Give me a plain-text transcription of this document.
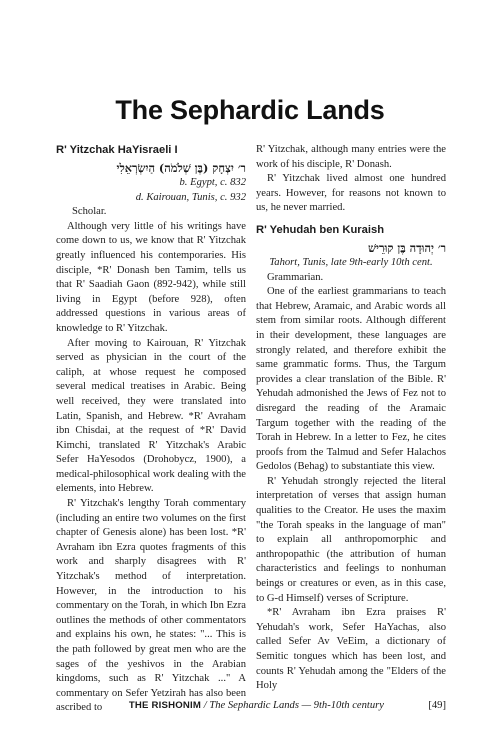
The Sephardic Lands
R' Yitzchak HaYisraeli I
ר׳ יִצְחָק (בֶּן שְׁלֹמֹה) הַיִשְׂרְאֵלִי
b. Egypt, c. 832
d. Kairouan, Tunis, c. 932

Scholar.

Although very little of his writings have come down to us, we know that R' Yitzchak greatly influenced his contemporaries. His disciple, *R' Donash ben Tamim, tells us that R' Saadiah Gaon (892-942), while still living in Egypt (before 928), often addressed questions in various areas of knowledge to R' Yitzchak.

After moving to Kairouan, R' Yitzchak served as physician in the court of the caliph, at whose request he composed several medical treatises in Arabic. Being well received, they were translated into Latin, Spanish, and Hebrew. *R' Avraham ibn Chisdai, at the request of *R' David Kimchi, translated R' Yitzchak's Arabic Sefer HaYesodos (Drohobycz, 1900), a medical-philosophical work dealing with the elements, into Hebrew.

R' Yitzchak's lengthy Torah commentary (including an entire two volumes on the first chapter of Genesis alone) has been lost. *R' Avraham ibn Ezra quotes fragments of this work and sharply disagrees with R' Yitzchak's method of interpretation. However, in the introduction to his commentary on the Torah, in which Ibn Ezra outlines the methods of other commentators and explains his own, he states: "... This is the path followed by great men who are the sages of the yeshivos in the Arabian kingdoms, such as R' Yitzchak ..." A commentary on Sefer Yetzirah has also been ascribed to

R' Yitzchak, although many entries were the work of his disciple, R' Donash.

R' Yitzchak lived almost one hundred years. However, for reasons not known to us, he never married.

R' Yehudah ben Kuraish
ר׳ יְהוּדָה בֶּן קוּרֵישׁ
Tahort, Tunis, late 9th-early 10th cent.

Grammarian.

One of the earliest grammarians to teach that Hebrew, Aramaic, and Arabic words all stem from similar roots. Although different in their development, these languages are strongly related, and therefore exhibit the same grammatic forms. Thus, the Targum provides a clear translation of the Bible. R' Yehudah admonished the Jews of Fez not to disregard the reading of the Aramaic Targum together with the reading of the Torah in Hebrew. In a letter to Fez, he cites proofs from the Talmud and Sefer Halachos Gedolos (Behag) to substantiate this view.

R' Yehudah strongly rejected the literal interpretation of verses that assign human qualities to the Creator. He uses the maxim "the Torah speaks in the language of man" to explain all anthropomorphic and anthropopathic (the attribution of human characteristics and feelings to nonhuman beings or creatures or even, as in this case, to G-d Himself) verses of Scripture.

*R' Avraham ibn Ezra praises R' Yehudah's work, Sefer HaYachas, also called Sefer Av VeEim, a dictionary of Semitic tongues which has been lost, and counts R' Yehudah among the "Elders of the Holy

THE RISHONIM / The Sephardic Lands — 9th-10th century	[49]
